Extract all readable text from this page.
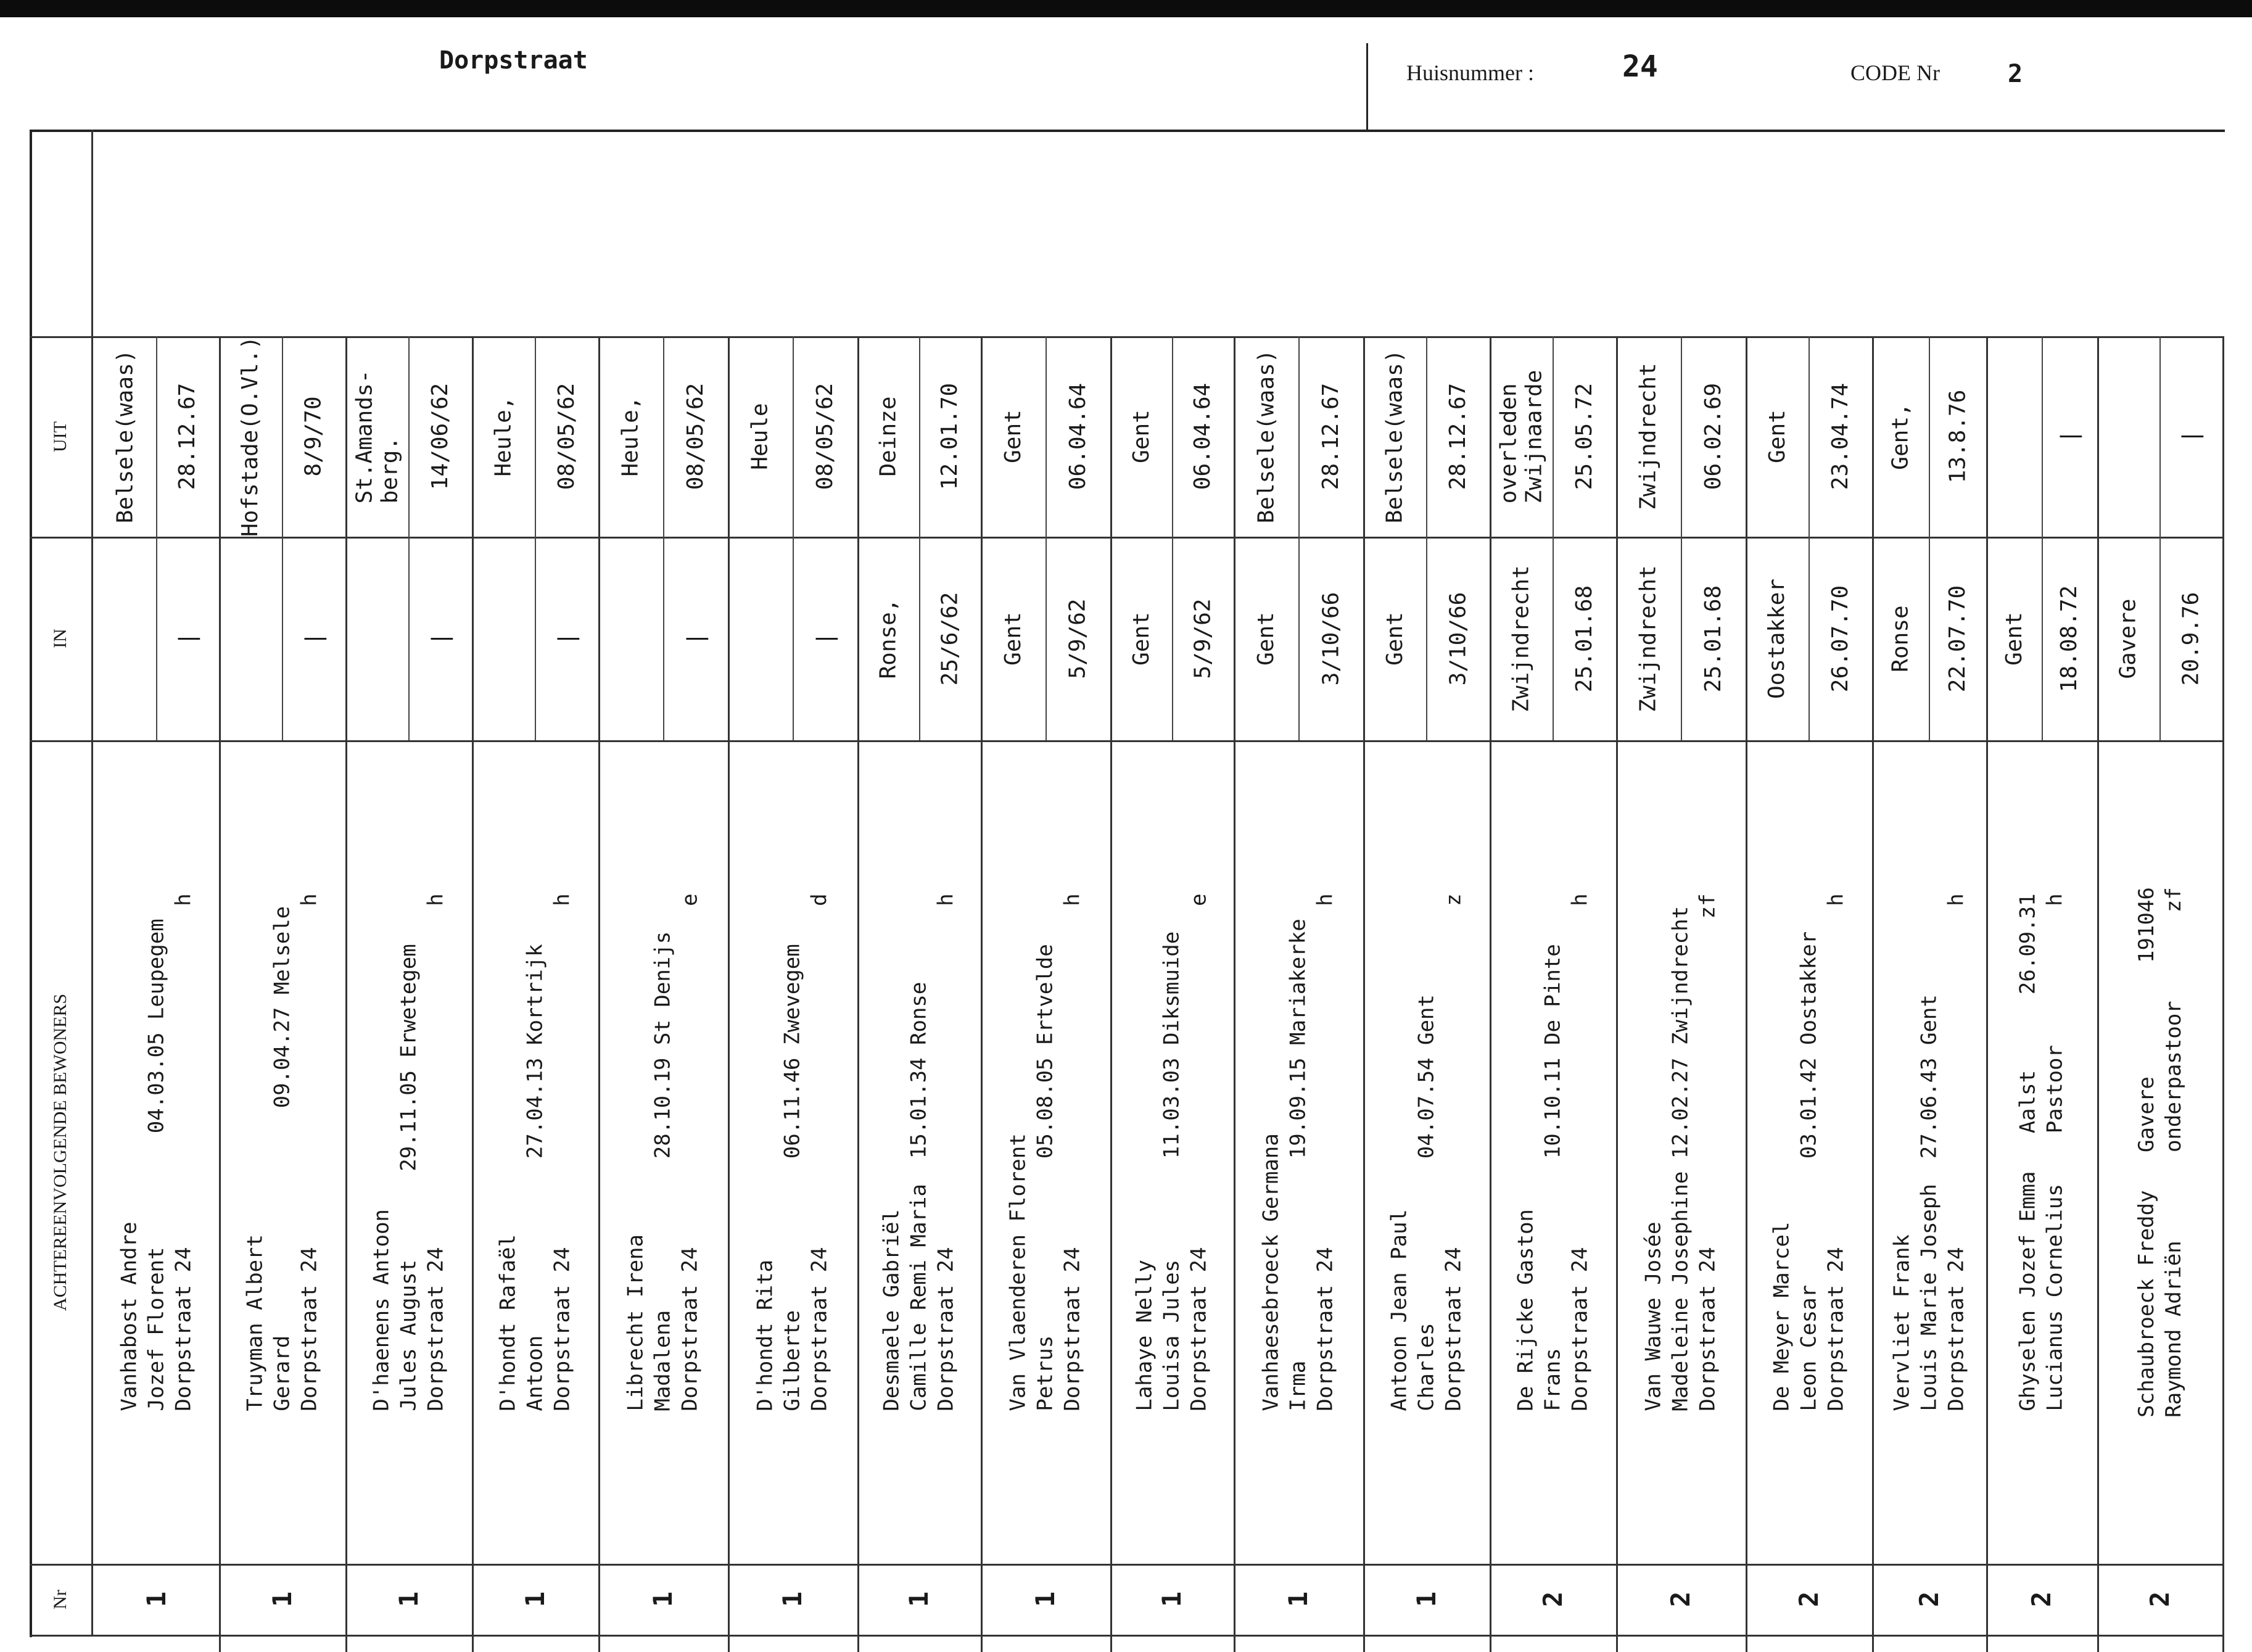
Dorpstraat	Huisnummer :	24	CODE Nr	2
Nr
ACHTEREENVOLGENDE BEWONERS
IN
UIT
1
Vanhabost Andre
Jozef Florent         04.03.05 Leupegem
Dorpstraat 24                           h
|
Belsele(waas) 28.12.67
1
Truyman Albert
Gerard                  09.04.27 Melsele
Dorpstraat 24                           h
|
Hofstade(O.Vl.) 8/9/70
1
D'haenens Antoon
Jules August       29.11.05 Erwetegem
Dorpstraat 24                           h
|
St.Amands-
berg. 14/06/62
1
D'hondt Rafaël
Antoon              27.04.13 Kortrijk
Dorpstraat 24                           h
|
Heule, 08/05/62
1
Librecht Irena
Madalena            28.10.19 St Denijs
Dorpstraat 24                           e
|
Heule, 08/05/62
1
D'hondt Rita
Gilberte            06.11.46 Zwevegem
Dorpstraat 24                           d
|
Heule 08/05/62
1
Desmaele Gabriël
Camille Remi Maria  15.01.34 Ronse
Dorpstraat 24                           h
Ronse, 25/6/62
Deinze 12.01.70
1
Van Vlaenderen Florent
Petrus              05.08.05 Ertvelde
Dorpstraat 24                           h
Gent 5/9/62
Gent 06.04.64
1
Lahaye Nelly
Louisa Jules        11.03.03 Diksmuide
Dorpstraat 24                           e
Gent 5/9/62
Gent 06.04.64
1
Vanhaesebroeck Germana
Irma                19.09.15 Mariakerke
Dorpstraat 24                           h
Gent 3/10/66
Belsele(waas) 28.12.67
1
Antoon Jean Paul
Charles             04.07.54 Gent
Dorpstraat 24                           z
Gent 3/10/66
Belsele(waas) 28.12.67
2
De Rijcke Gaston
Frans               10.10.11 De Pinte
Dorpstraat 24                           h
Zwijndrecht 25.01.68
overleden
Zwijnaarde 25.05.72
2
Van Wauwe Josée
Madeleine Josephine 12.02.27 Zwijndrecht
Dorpstraat 24                          zf
Zwijndrecht 25.01.68
Zwijndrecht 06.02.69
2
De Meyer Marcel
Leon Cesar          03.01.42 Oostakker
Dorpstraat 24                           h
Oostakker 26.07.70
Gent 23.04.74
2
Vervliet Frank
Louis Marie Joseph  27.06.43 Gent
Dorpstraat 24                           h
Ronse 22.07.70
Gent, 13.8.76
2
Ghyselen Jozef Emma   Aalst      26.09.31
Lucianus Cornelius    Pastoor           h
Gent 18.08.72
|
2
Schaubroeck Freddy   Gavere         191046
Raymond Adriën       onderpastoor       zf
Gavere 20.9.76
|
